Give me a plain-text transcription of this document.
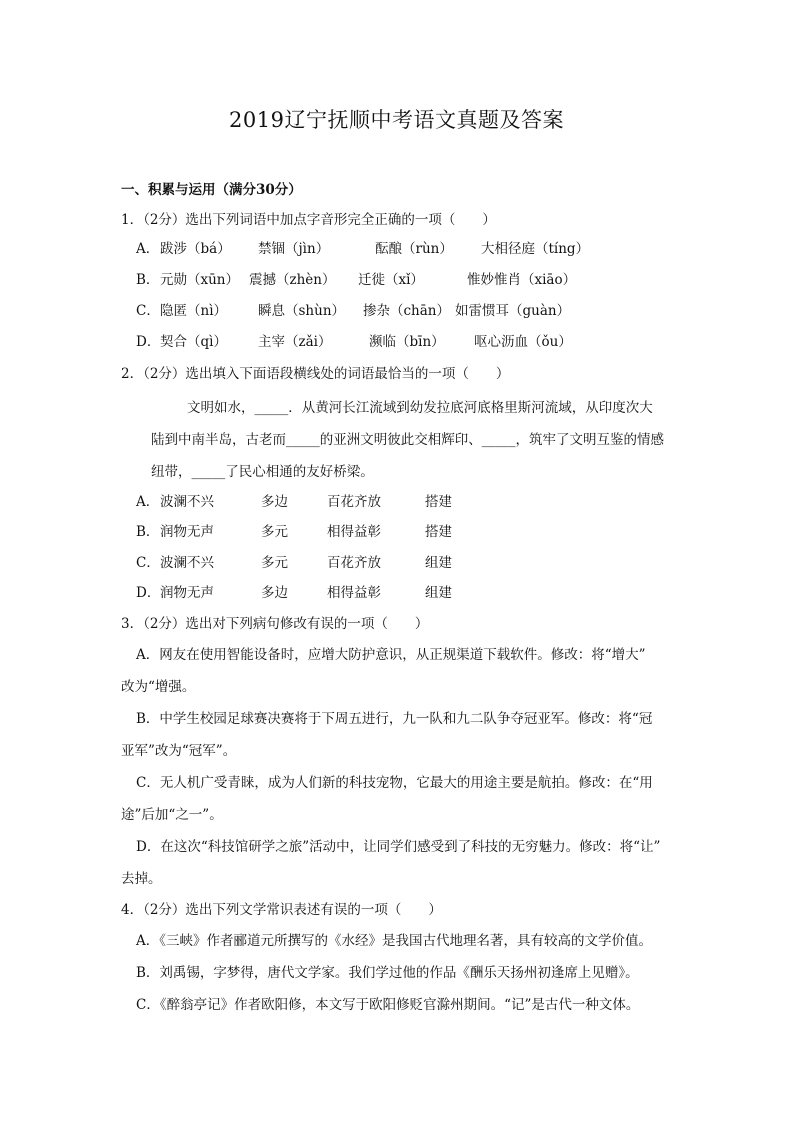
2019辽宁抚顺中考语文真题及答案
一、积累与运用（满分30分）
1．（2分）选出下列词语中加点字音形完全正确的一项（　　）
A． 跋涉（bá） 禁锢（jìn）	酝酿（rùn） 大相径庭（tíng）
B． 元勋（xūn） 震撼（zhèn） 迁徙（xǐ）	惟妙惟肖（xiāo）
C． 隐匿（nì） 瞬息（shùn） 掺杂（chān） 如雷惯耳（guàn）
D． 契合（qì） 主宰（zǎi）	濒临（bīn） 呕心沥血（ǒu）
2．（2分）选出填入下面语段横线处的词语最恰当的一项（　　）
文明如水，_____．从黄河长江流域到幼发拉底河底格里斯河流域，从印度次大
陆到中南半岛，古老而_____的亚洲文明彼此交相辉印、_____，筑牢了文明互鉴的情感
纽带，_____了民心相通的友好桥梁。
A． 波澜不兴	多边	百花齐放	搭建
B． 润物无声	多元	相得益彰	搭建
C． 波澜不兴	多元	百花齐放	组建
D． 润物无声	多边	相得益彰	组建
3．（2分）选出对下列病句修改有误的一项（　　）
A．网友在使用智能设备时，应增大防护意识，从正规渠道下载软件。修改：将“增大”
改为“增强。
B．中学生校园足球赛决赛将于下周五进行，九一队和九二队争夺冠亚军。修改：将“冠
亚军”改为“冠军”。
C．无人机广受青睐，成为人们新的科技宠物，它最大的用途主要是航拍。修改：在“用
途”后加“之一”。
D．在这次“科技馆研学之旅”活动中，让同学们感受到了科技的无穷魅力。修改：将“让”
去掉。
4．（2分）选出下列文学常识表述有误的一项（　　）
A．《三峡》作者郦道元所撰写的《水经》是我国古代地理名著，具有较高的文学价值。
B．刘禹锡，字梦得，唐代文学家。我们学过他的作品《酬乐天扬州初逢席上见赠》。
C．《醉翁亭记》作者欧阳修，本文写于欧阳修贬官滁州期间。“记”是古代一种文体。
